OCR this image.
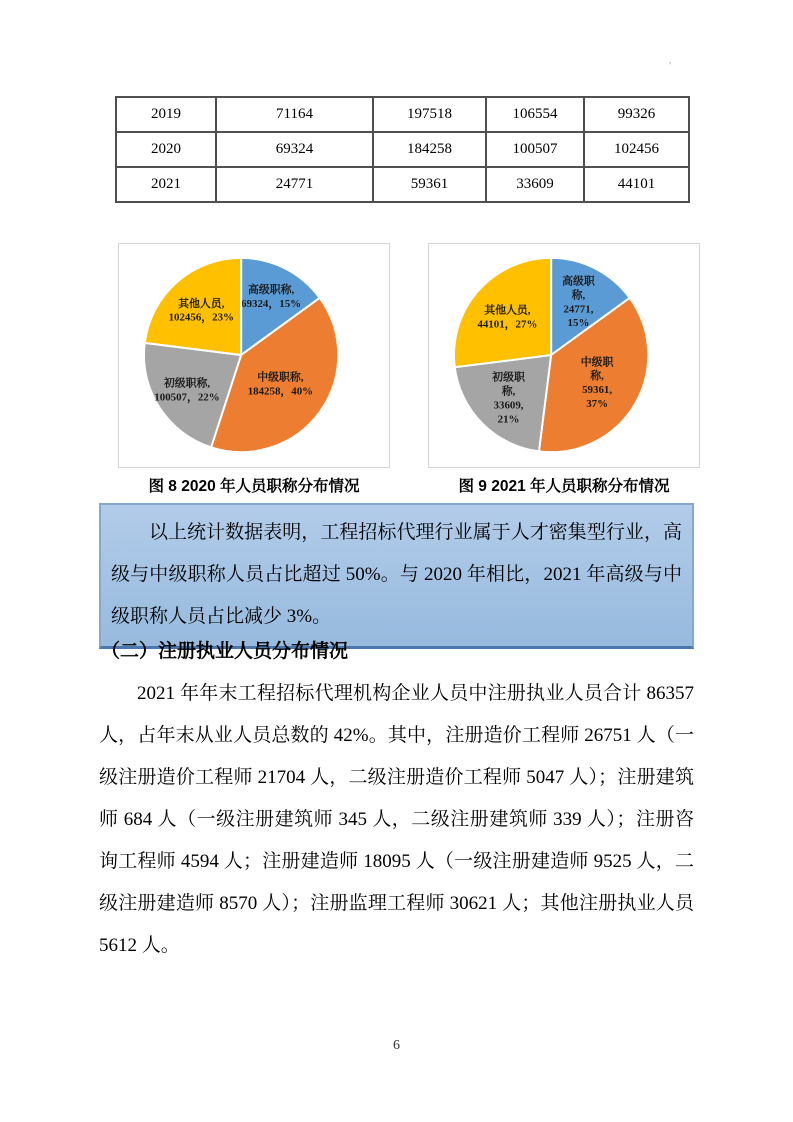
'
2019	71164	197518	106554	99326
2020	69324	184258	100507	102456
2021	24771	59361	33609	44101
高级职称, 69324，15%
中级职称, 184258，40%
初级职称, 100507，22%
其他人员, 102456，23%
高级职称, 24771, 15%
中级职称, 59361, 37%
初级职称, 33609, 21%
其他人员, 44101，27%
图 8 2020 年人员职称分布情况	图 9 2021 年人员职称分布情况
以上统计数据表明，工程招标代理行业属于人才密集型行业，高级与中级职称人员占比超过 50%。与 2020 年相比，2021 年高级与中级职称人员占比减少 3%。
（二）注册执业人员分布情况
2021 年年末工程招标代理机构企业人员中注册执业人员合计 86357 人，占年末从业人员总数的 42%。其中，注册造价工程师 26751 人（一级注册造价工程师 21704 人，二级注册造价工程师 5047 人）；注册建筑师 684 人（一级注册建筑师 345 人，二级注册建筑师 339 人）；注册咨询工程师 4594 人；注册建造师 18095 人（一级注册建造师 9525 人，二级注册建造师 8570 人）；注册监理工程师 30621 人；其他注册执业人员 5612 人。
6
